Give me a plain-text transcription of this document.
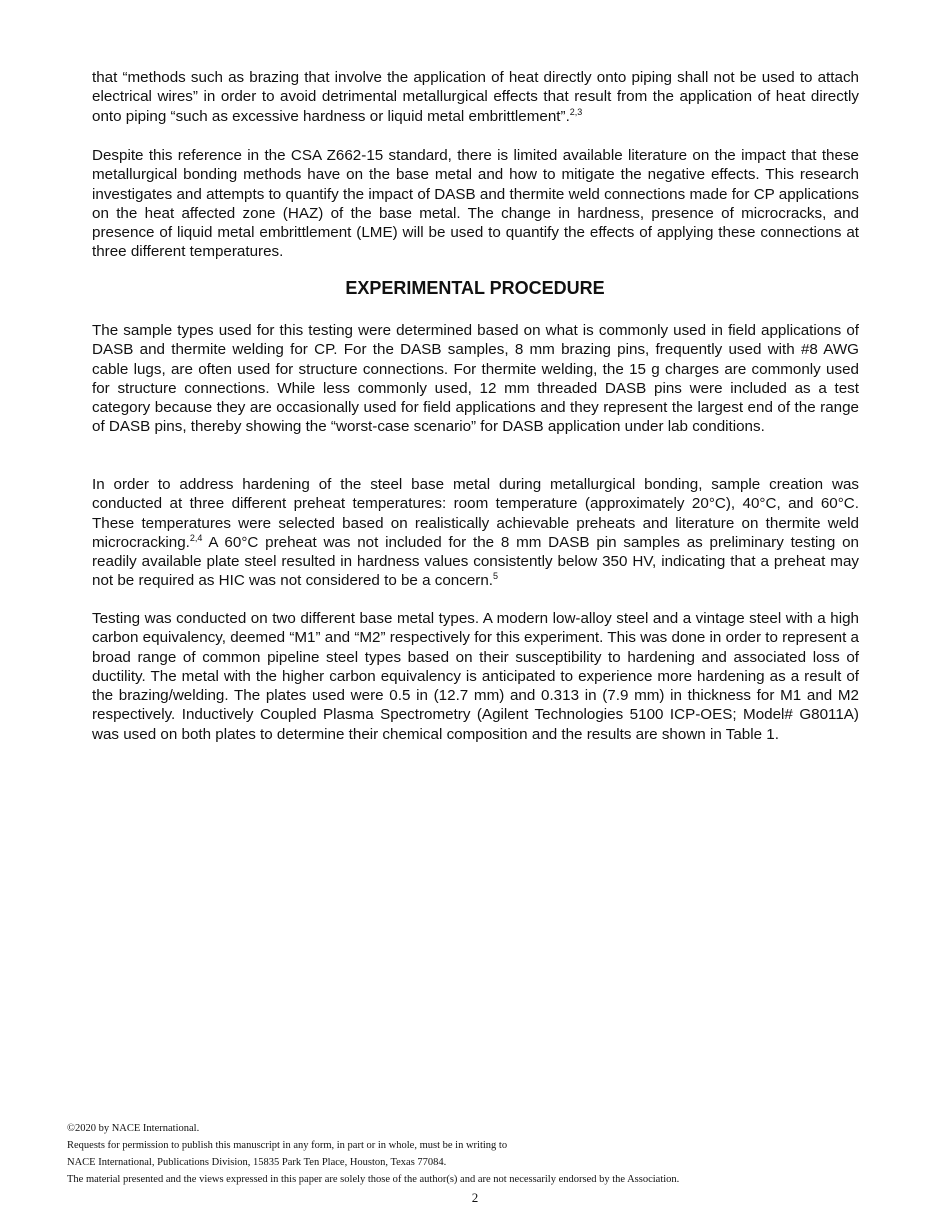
that “methods such as brazing that involve the application of heat directly onto piping shall not be used to attach electrical wires” in order to avoid detrimental metallurgical effects that result from the application of heat directly onto piping “such as excessive hardness or liquid metal embrittlement”.$^{2,3}$

Despite this reference in the CSA Z662-15 standard, there is limited available literature on the impact that these metallurgical bonding methods have on the base metal and how to mitigate the negative effects. This research investigates and attempts to quantify the impact of DASB and thermite weld connections made for CP applications on the heat affected zone (HAZ) of the base metal. The change in hardness, presence of microcracks, and presence of liquid metal embrittlement (LME) will be used to quantify the effects of applying these connections at three different temperatures.

EXPERIMENTAL PROCEDURE

The sample types used for this testing were determined based on what is commonly used in field applications of DASB and thermite welding for CP. For the DASB samples, 8 mm brazing pins, frequently used with #8 AWG cable lugs, are often used for structure connections. For thermite welding, the 15 g charges are commonly used for structure connections. While less commonly used, 12 mm threaded DASB pins were included as a test category because they are occasionally used for field applications and they represent the largest end of the range of DASB pins, thereby showing the “worst-case scenario” for DASB application under lab conditions.

In order to address hardening of the steel base metal during metallurgical bonding, sample creation was conducted at three different preheat temperatures: room temperature (approximately 20°C), 40°C, and 60°C. These temperatures were selected based on realistically achievable preheats and literature on thermite weld microcracking.$^{2,4}$ A 60°C preheat was not included for the 8 mm DASB pin samples as preliminary testing on readily available plate steel resulted in hardness values consistently below 350 HV, indicating that a preheat may not be required as HIC was not considered to be a concern.$^5$

Testing was conducted on two different base metal types. A modern low-alloy steel and a vintage steel with a high carbon equivalency, deemed “M1” and “M2” respectively for this experiment. This was done in order to represent a broad range of common pipeline steel types based on their susceptibility to hardening and associated loss of ductility. The metal with the higher carbon equivalency is anticipated to experience more hardening as a result of the brazing/welding. The plates used were 0.5 in (12.7 mm) and 0.313 in (7.9 mm) in thickness for M1 and M2 respectively. Inductively Coupled Plasma Spectrometry (Agilent Technologies 5100 ICP-OES; Model# G8011A) was used on both plates to determine their chemical composition and the results are shown in Table 1.

©2020 by NACE International.
Requests for permission to publish this manuscript in any form, in part or in whole, must be in writing to
NACE International, Publications Division, 15835 Park Ten Place, Houston, Texas 77084.
The material presented and the views expressed in this paper are solely those of the author(s) and are not necessarily endorsed by the Association.
2
